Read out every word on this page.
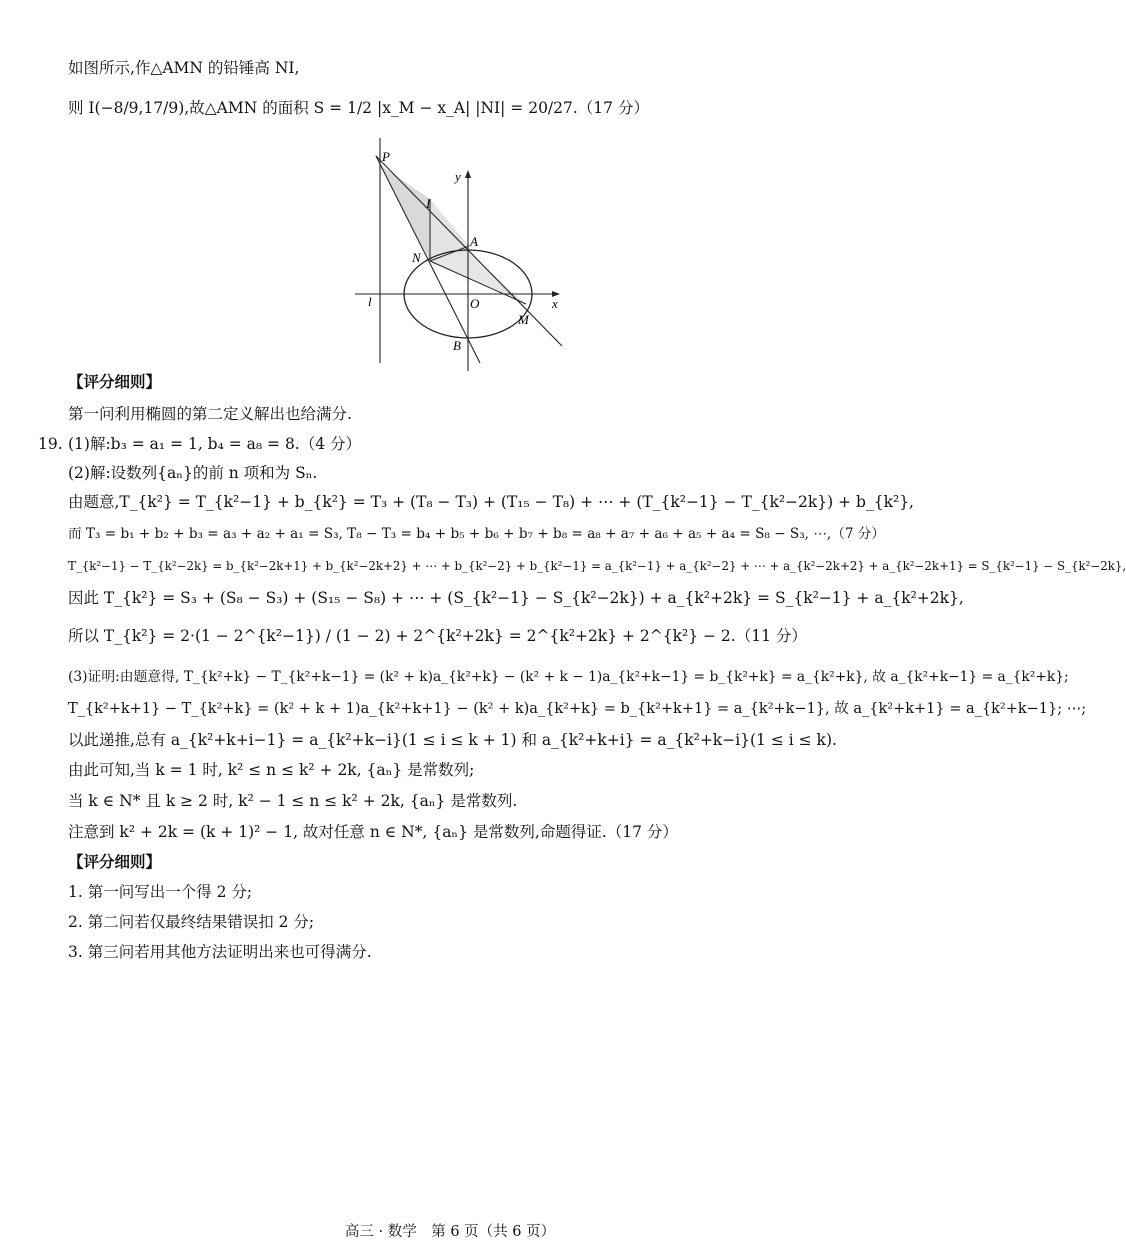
如图所示,作△AMN 的铅锤高 NI,
则 I(−8/9,17/9),故△AMN 的面积 S = 1/2 |x_M − x_A| |NI| = 20/27.（17 分）
P
I
A
N
O
M
B
l	x
y
【评分细则】
第一问利用椭圆的第二定义解出也给满分.
19. (1)解:b₃ = a₁ = 1, b₄ = a₈ = 8.（4 分）
(2)解:设数列{aₙ}的前 n 项和为 Sₙ.
由题意,T_{k²} = T_{k²−1} + b_{k²} = T₃ + (T₈ − T₃) + (T₁₅ − T₈) + ⋯ + (T_{k²−1} − T_{k²−2k}) + b_{k²},
而 T₃ = b₁ + b₂ + b₃ = a₃ + a₂ + a₁ = S₃, T₈ − T₃ = b₄ + b₅ + b₆ + b₇ + b₈ = a₈ + a₇ + a₆ + a₅ + a₄ = S₈ − S₃, ⋯,（7 分）
T_{k²−1} − T_{k²−2k} = b_{k²−2k+1} + b_{k²−2k+2} + ⋯ + b_{k²−2} + b_{k²−1} = a_{k²−1} + a_{k²−2} + ⋯ + a_{k²−2k+2} + a_{k²−2k+1} = S_{k²−1} − S_{k²−2k},
因此 T_{k²} = S₃ + (S₈ − S₃) + (S₁₅ − S₈) + ⋯ + (S_{k²−1} − S_{k²−2k}) + a_{k²+2k} = S_{k²−1} + a_{k²+2k},
所以 T_{k²} = 2·(1 − 2^{k²−1}) / (1 − 2) + 2^{k²+2k} = 2^{k²+2k} + 2^{k²} − 2.（11 分）
(3)证明:由题意得, T_{k²+k} − T_{k²+k−1} = (k² + k)a_{k²+k} − (k² + k − 1)a_{k²+k−1} = b_{k²+k} = a_{k²+k}, 故 a_{k²+k−1} = a_{k²+k};
T_{k²+k+1} − T_{k²+k} = (k² + k + 1)a_{k²+k+1} − (k² + k)a_{k²+k} = b_{k²+k+1} = a_{k²+k−1}, 故 a_{k²+k+1} = a_{k²+k−1}; ⋯;
以此递推,总有 a_{k²+k+i−1} = a_{k²+k−i}(1 ≤ i ≤ k + 1) 和 a_{k²+k+i} = a_{k²+k−i}(1 ≤ i ≤ k).
由此可知,当 k = 1 时, k² ≤ n ≤ k² + 2k, {aₙ} 是常数列;
当 k ∈ N* 且 k ≥ 2 时, k² − 1 ≤ n ≤ k² + 2k, {aₙ} 是常数列.
注意到 k² + 2k = (k + 1)² − 1, 故对任意 n ∈ N*, {aₙ} 是常数列,命题得证.（17 分）
【评分细则】
1. 第一问写出一个得 2 分;
2. 第二问若仅最终结果错误扣 2 分;
3. 第三问若用其他方法证明出来也可得满分.
高三 · 数学　第 6 页（共 6 页）
